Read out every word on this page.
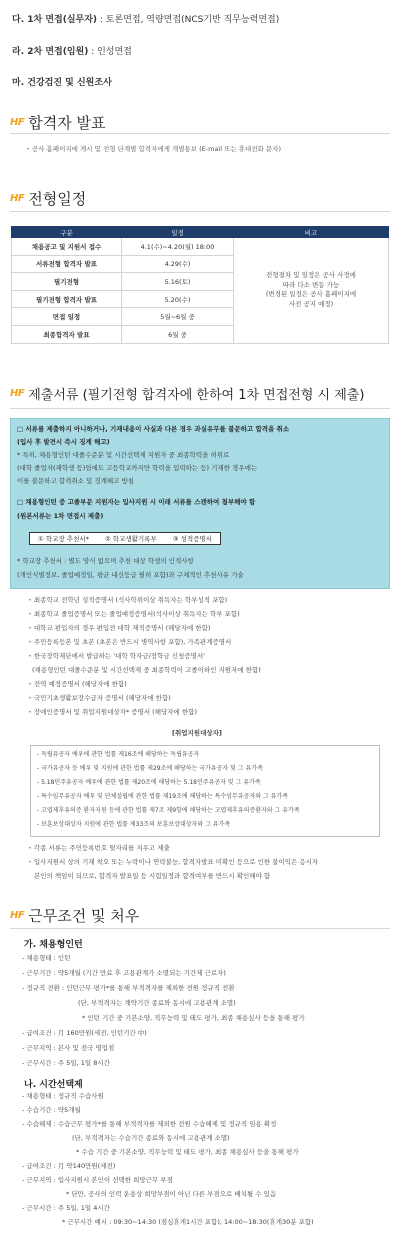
다. 1차 면접(실무자) : 토론면접, 역량면접(NCS기반 직무능력면접)
라. 2차 면접(임원) : 인성면접
마. 건강검진 및 신원조사
HF 합격자 발표
• 공사 홈페이지에 게시 및 전형 단계별 합격자에게 개별통보 (E-mail 또는 휴대전화 문자)
HF 전형일정
구분	일정	비고
채용공고 및 지원서 접수	4.1(수)~4.20(월) 18:00	전형절차 및 일정은 공사 사정에
따라 다소 변동 가능
(변경된 일정은 공사 홈페이지에
사전 공지 예정)

서류전형 합격자 발표	4.29(수)	
필기전형	5.16(토)	
필기전형 합격자 발표	5.20(수)	
면접 일정	5월~6월 중	
최종합격자 발표	6월 중	
HF 제출서류 (필기전형 합격자에 한하여 1차 면접전형 시 제출)
□ 서류를 제출하지 아니하거나, 기재내용이 사실과 다른 경우 과실유무를 불문하고 합격을 취소
(입사 후 발견시 즉시 징계 해고)
* 특히, 채용형인턴 대졸수준분 및 시간선택제 지원자 중 최종학력을 허위로
(대학 졸업자(재학생 등)임에도 고등학교까지만 학력을 입력하는 등) 기재한 경우에는
이를 불문하고 합격취소 및 징계해고 방침
□ 채용형인턴 중 고졸부문 지원자는 입사지원 시 이래 서류를 스캔하여 첨부해야 함
(원본서류는 1차 면접시 제출)
① 학교장 추천서*	② 학교생활기록부	③ 성적증명서
* 학교장 추천서 : 별도 양식 없으며 추천 대상 학생의 인적사항
(개인식별정보, 졸업예정일, 평균 내신등급 필히 포함)과 구체적인 추천사유 기술
• 최종학교 전학년 성적증명서 (석사학위이상 취득자는 학부성적 포함)
• 최종학교 졸업증명서 또는 졸업예정증명서(석사이상 취득자는 학부 포함)
• 대학교 편입자의 경우 편입전 대학 재적증명서 (해당자에 한함)
• 주민등록등본 및 초본 (초본은 반드시 병역사항 포함), 가족관계증명서
• 한국장학재단에서 발급하는 '대학 학자금/장학금 신청증명서'
(채용형인턴 대졸수준분 및 시간선택제 중 최종학력이 고졸이하인 지원자에 한함)
• 전역 예정증명서 (해당자에 한함)
• 국민기초생활보장수급자 증명서 (해당자에 한함)
• 장애인증명서 및 취업지원대상자* 증명서 (해당자에 한함)
[취업지원대상자]
- 독립유공자 예우에 관한 법률 제16조에 해당하는 독립유공자
- 국가유공자 등 예우 및 지원에 관한 법률 제29조에 해당하는 국가유공자 및 그 유가족
- 5.18민주유공자 예우에 관한 법률 제20조에 해당하는 5.18민주유공자 및 그 유가족
- 특수임무유공자 예우 및 단체설립에 관한 법률 제19조에 해당하는 특수임무유공자와 그 유가족
- 고엽제후유의증 환자지원 등에 관한 법률 제7조 제9항에 해당하는 고엽제후유의증환자와 그 유가족
- 보훈보상대상자 지원에 관한 법률 제33조의 보훈보상대상자와 그 유가족
• 각종 서류는 주민등록번호 뒷자리를 지우고 제출
• 입사지원서 상의 기재 착오 또는 누락이나 연락불능, 합격자발표 미확인 등으로 인한 불이익은 응시자
본인의 책임이 되므로, 합격자 발표일 등 시험일정과 합격여부를 반드시 확인해야 함
HF 근무조건 및 처우
가. 채용형인턴
- 채용형태 : 인턴
- 근무기간 : 약5개월 (기간 만료 후 고용관계가 소멸되는 기간제 근로자)
- 정규직 전환 : 인턴근무 평가*를 통해 부적격자를 제외한 전원 정규직 전환
(단, 부적격자는 계약기간 종료와 동시에 고용관계 소멸)
* 인턴 기간 중 기본소양, 직무능력 및 태도 평가, 최종 채용심사 등을 통해 평가
- 급여조건 : 月 160만원(세전, 인턴기간 中)
- 근무지역 : 본사 및 전국 영업점
- 근무시간 : 주 5일, 1일 8시간
나. 시간선택제
- 채용형태 : 정규직 수습사원
- 수습기간 : 약5개월
- 수습해제 : 수습근무 평가*를 통해 부적격자를 제외한 전원 수습해제 및 정규직 임용 확정
(단, 부적격자는 수습기간 종료와 동시에 고용관계 소멸)
* 수습 기간 중 기본소양, 직무능력 및 태도 평가, 최종 채용심사 등을 통해 평가
- 급여조건 : 月 약140만원(세전)
- 근무지역 : 입사지원시 본인이 선택한 희망근무 부점
* 단만, 공사의 인력 운용상 희망부점이 아닌 다른 부점으로 배치될 수 있음
- 근무시간 : 주 5일, 1일 4시간
* 근무시간 예시 : 09:30~14:30 (점심휴게1시간 포함), 14:00~18:30(휴게30분 포함)
